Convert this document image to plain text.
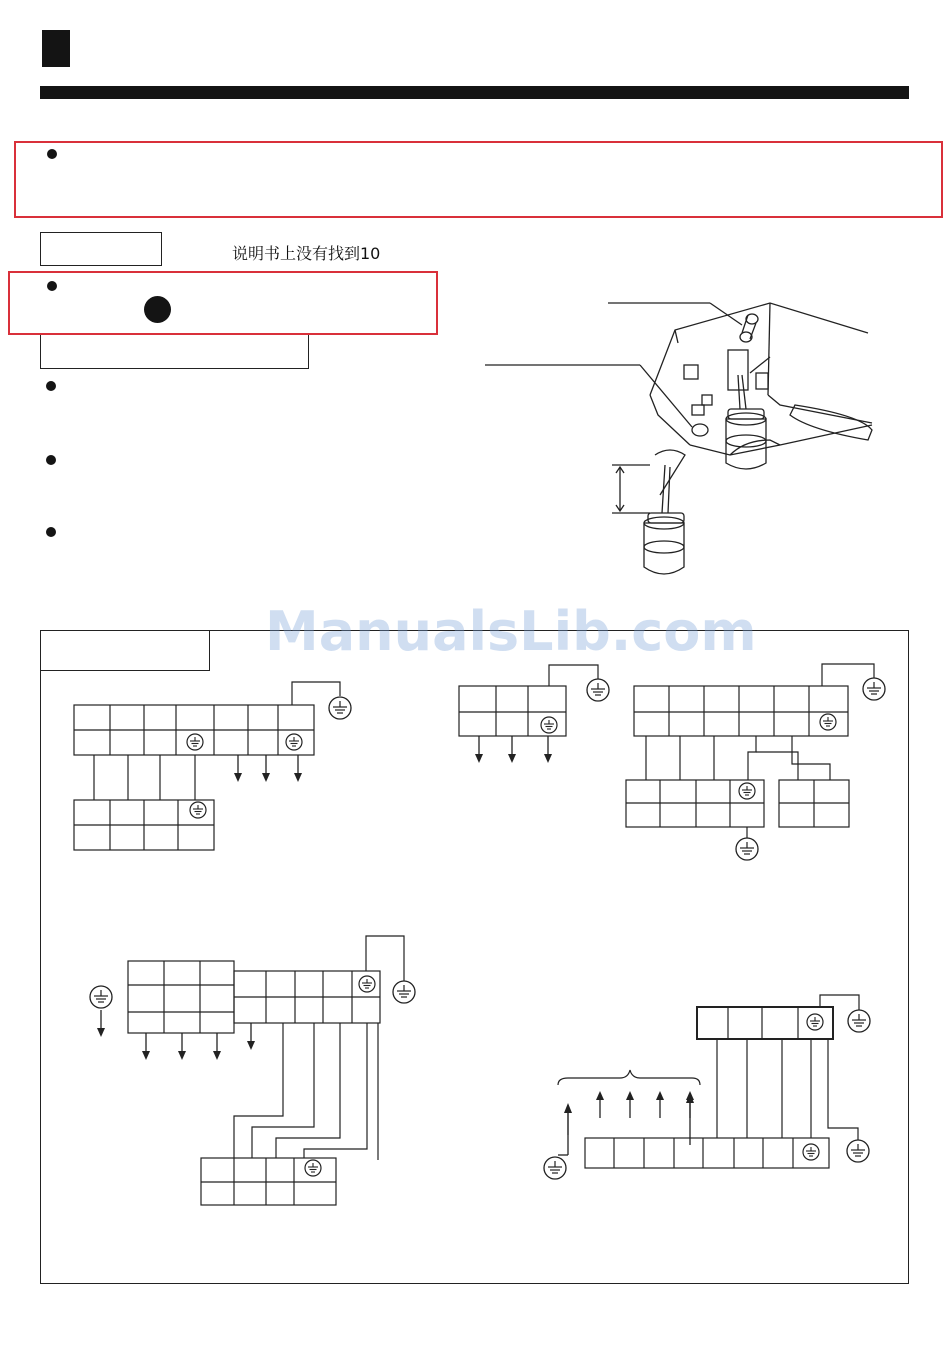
说明书上没有找到10
ManualsLib.com
